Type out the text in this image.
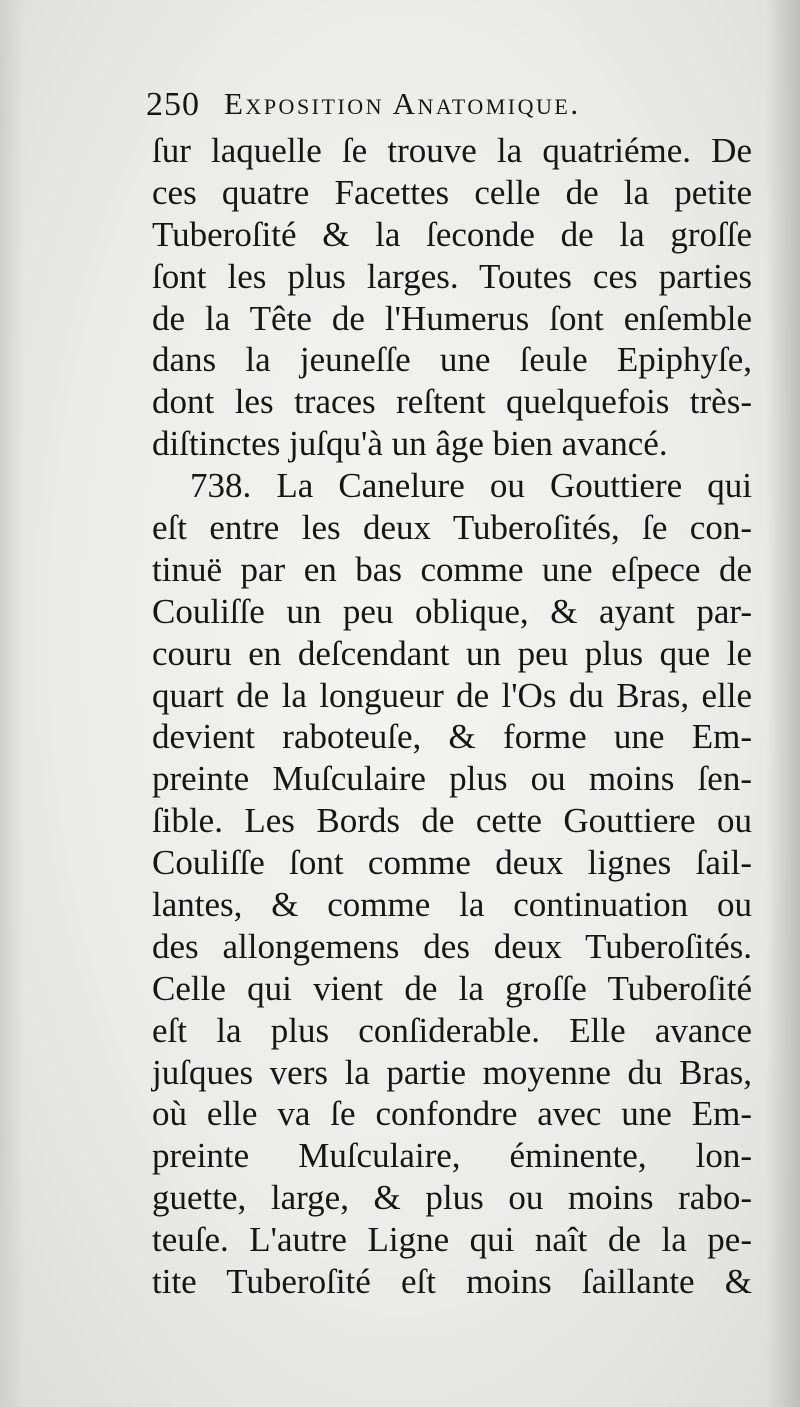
250 Exposition Anatomique.
ſur laquelle ſe trouve la quatriéme. De
ces quatre Facettes celle de la petite
Tuberoſité & la ſeconde de la groſſe
ſont les plus larges. Toutes ces parties
de la Tête de l'Humerus ſont enſemble
dans la jeuneſſe une ſeule Epiphyſe,
dont les traces reſtent quelquefois très-
diſtinctes juſqu'à un âge bien avancé.
738. La Canelure ou Gouttiere qui
eſt entre les deux Tuberoſités, ſe con-
tinuë par en bas comme une eſpece de
Couliſſe un peu oblique, & ayant par-
couru en deſcendant un peu plus que le
quart de la longueur de l'Os du Bras, elle
devient raboteuſe, & forme une Em-
preinte Muſculaire plus ou moins ſen-
ſible. Les Bords de cette Gouttiere ou
Couliſſe ſont comme deux lignes ſail-
lantes, & comme la continuation ou
des allongemens des deux Tuberoſités.
Celle qui vient de la groſſe Tuberoſité
eſt la plus conſiderable. Elle avance
juſques vers la partie moyenne du Bras,
où elle va ſe confondre avec une Em-
preinte Muſculaire, éminente, lon-
guette, large, & plus ou moins rabo-
teuſe. L'autre Ligne qui naît de la pe-
tite Tuberoſité eſt moins ſaillante &
